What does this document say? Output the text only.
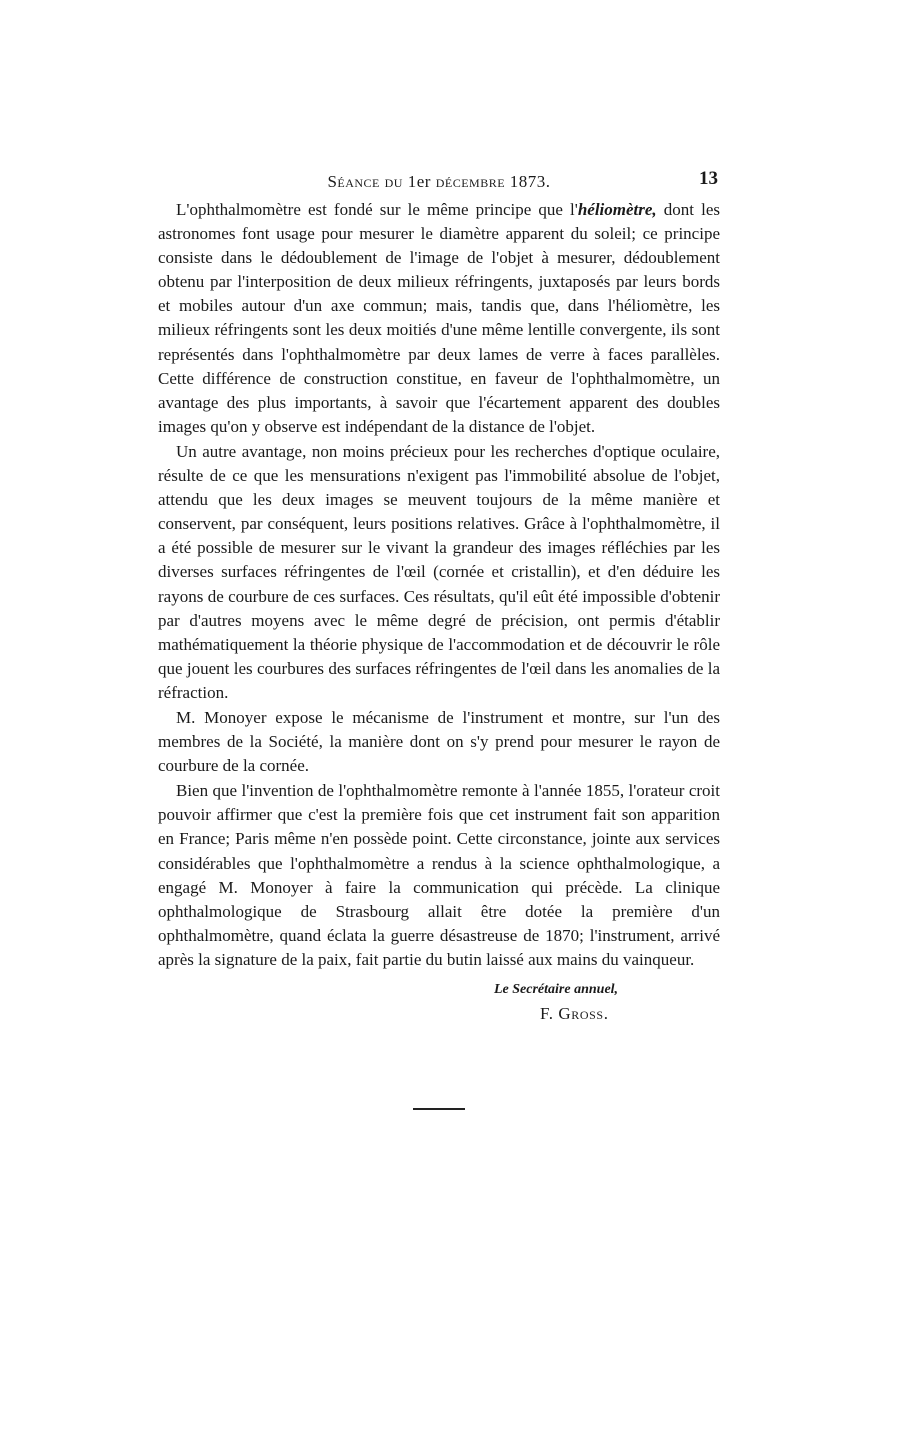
Séance du 1er décembre 1873.	13

L'ophthalmomètre est fondé sur le même principe que l'héliomètre, dont les astronomes font usage pour mesurer le diamètre apparent du soleil; ce principe consiste dans le dédoublement de l'image de l'objet à mesurer, dédoublement obtenu par l'interposition de deux milieux réfringents, juxtaposés par leurs bords et mobiles autour d'un axe commun; mais, tandis que, dans l'héliomètre, les milieux réfringents sont les deux moitiés d'une même lentille convergente, ils sont représentés dans l'ophthalmomètre par deux lames de verre à faces parallèles. Cette différence de construction constitue, en faveur de l'ophthalmomètre, un avantage des plus importants, à savoir que l'écartement apparent des doubles images qu'on y observe est indépendant de la distance de l'objet.

Un autre avantage, non moins précieux pour les recherches d'optique oculaire, résulte de ce que les mensurations n'exigent pas l'immobilité absolue de l'objet, attendu que les deux images se meuvent toujours de la même manière et conservent, par conséquent, leurs positions relatives. Grâce à l'ophthalmomètre, il a été possible de mesurer sur le vivant la grandeur des images réfléchies par les diverses surfaces réfringentes de l'œil (cornée et cristallin), et d'en déduire les rayons de courbure de ces surfaces. Ces résultats, qu'il eût été impossible d'obtenir par d'autres moyens avec le même degré de précision, ont permis d'établir mathématiquement la théorie physique de l'accommodation et de découvrir le rôle que jouent les courbures des surfaces réfringentes de l'œil dans les anomalies de la réfraction.

M. Monoyer expose le mécanisme de l'instrument et montre, sur l'un des membres de la Société, la manière dont on s'y prend pour mesurer le rayon de courbure de la cornée.

Bien que l'invention de l'ophthalmomètre remonte à l'année 1855, l'orateur croit pouvoir affirmer que c'est la première fois que cet instrument fait son apparition en France; Paris même n'en possède point. Cette circonstance, jointe aux services considérables que l'ophthalmomètre a rendus à la science ophthalmologique, a engagé M. Monoyer à faire la communication qui précède. La clinique ophthalmologique de Strasbourg allait être dotée la première d'un ophthalmomètre, quand éclata la guerre désastreuse de 1870; l'instrument, arrivé après la signature de la paix, fait partie du butin laissé aux mains du vainqueur.

Le Secrétaire annuel,
F. Gross.
